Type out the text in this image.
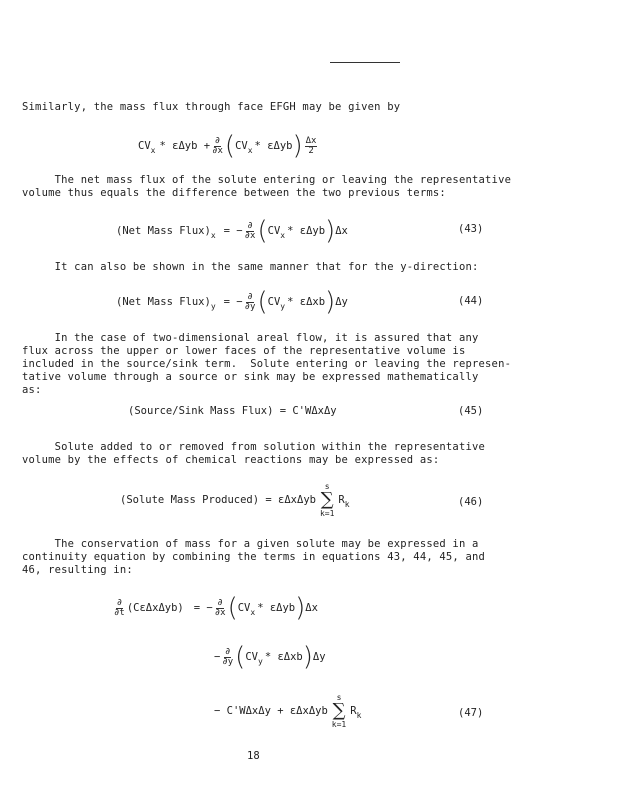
Similarly, the mass flux through face EFGH may be given by
CV $x * \varepsilon\Delta yb + \frac{\partial}{\partial x}$ ( CV x * εΔyb ) $\frac{\Delta x}{2}$
The net mass flux of the solute entering or leaving the representative
volume thus equals the difference between the two previous terms:
(Net Mass Flux) x = − $\frac{\partial}{\partial x}$ ( CV x * εΔyb ) Δx	(43)
It can also be shown in the same manner that for the y-direction:
(Net Mass Flux) y = − $\frac{\partial}{\partial y}$ ( CV y * εΔxb ) Δy	(44)
In the case of two-dimensional areal flow, it is assured that any
flux across the upper or lower faces of the representative volume is
included in the source/sink term.  Solute entering or leaving the represen-
tative volume through a source or sink may be expressed mathematically
as:
(Source/Sink Mass Flux) = C'WΔxΔy	(45)
Solute added to or removed from solution within the representative
volume by the effects of chemical reactions may be expressed as:
(Solute Mass Produced) = εΔxΔyb
s
∑
k=1
R k	(46)
The conservation of mass for a given solute may be expressed in a
continuity equation by combining the terms in equations 43, 44, 45, and
46, resulting in:
$\frac{\partial}{\partial t} (C\varepsilon\Delta x\Delta yb)$ = − $\frac{\partial}{\partial x}$ ( CV x * εΔyb ) Δx
− $\frac{\partial}{\partial y}$ ( CV y * εΔxb ) Δy
− C'WΔxΔy + εΔxΔyb
s
∑
k=1
R k	(47)
18
